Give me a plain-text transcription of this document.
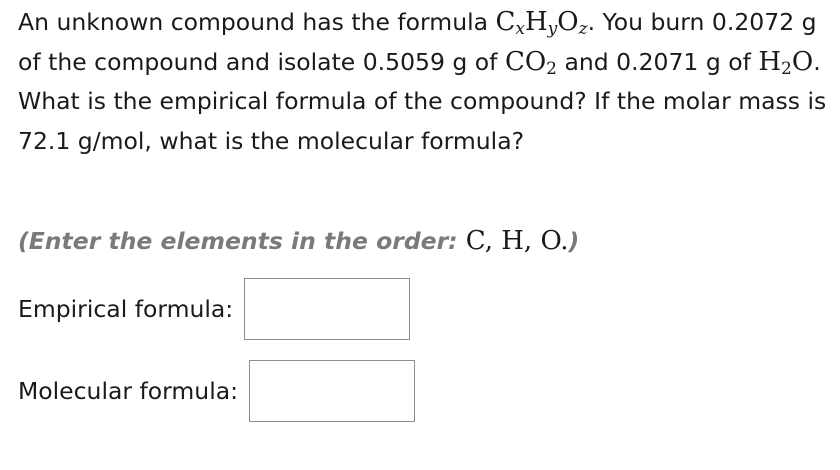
An unknown compound has the formula $C_xH_yO_z$. You burn 0.2072 g of the compound and isolate 0.5059 g of $CO_2$ and 0.2071 g of $H_2O$. What is the empirical formula of the compound? If the molar mass is 72.1 g/mol, what is the molecular formula?

(Enter the elements in the order: C, H, O.)
Empirical formula:
Molecular formula:
